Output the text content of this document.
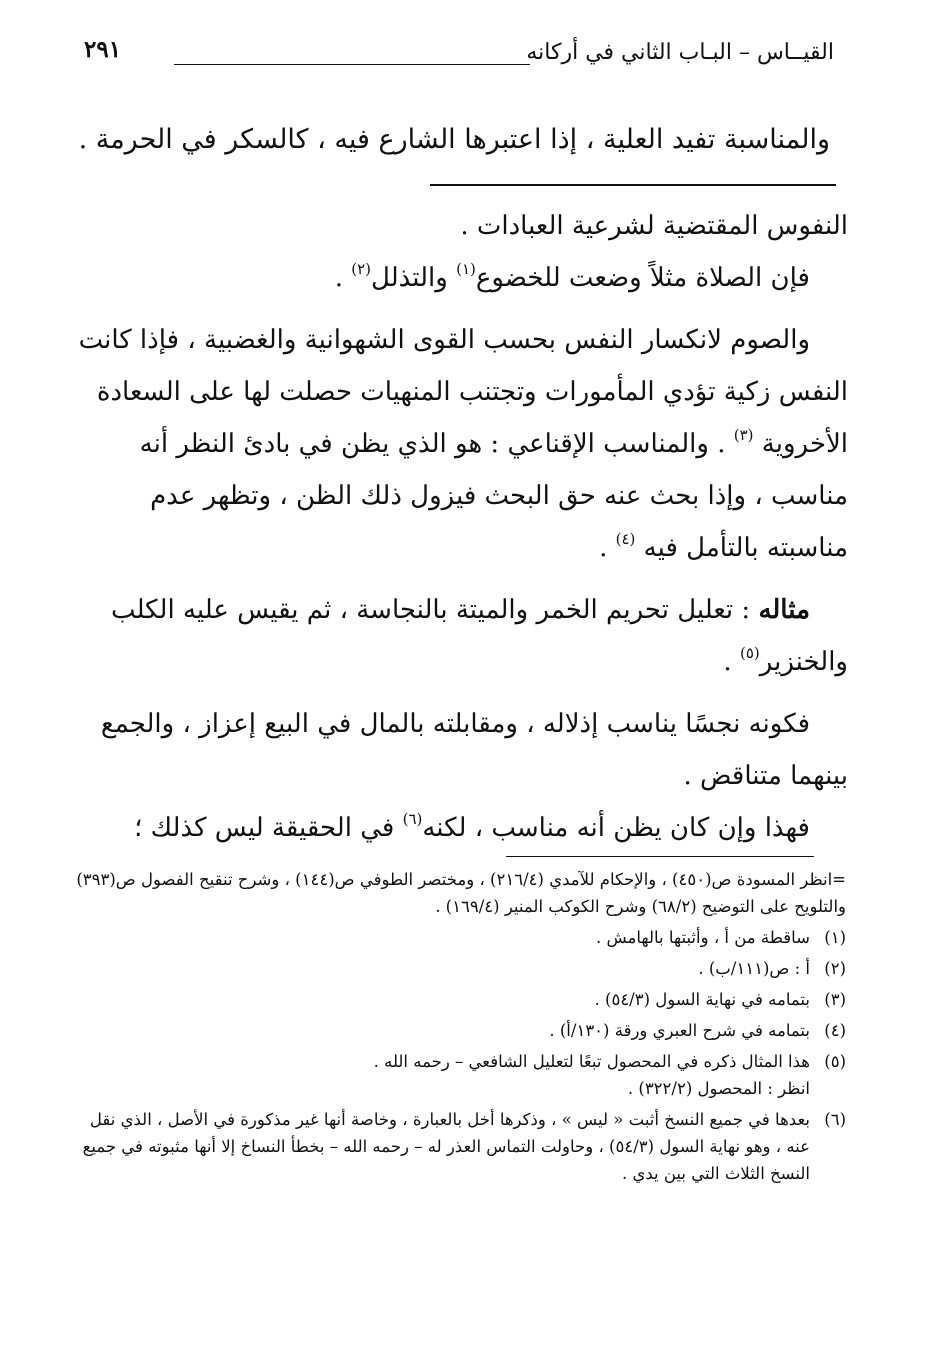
القيــاس – البـاب الثاني في أركانه
٢٩١
والمناسبة تفيد العلية ، إذا اعتبرها الشارع فيه ، كالسكر في الحرمة .

النفوس المقتضية لشرعية العبادات .

فإن الصلاة مثلاً وضعت للخضوع$^{(١)}$ والتذلل$^{(٢)}$ .

والصوم لانكسار النفس بحسب القوى الشهوانية والغضبية ، فإذا كانت النفس زكية تؤدي المأمورات وتجتنب المنهيات حصلت لها على السعادة الأخروية $^{(٣)}$ . والمناسب الإقناعي : هو الذي يظن في بادئ النظر أنه مناسب ، وإذا بحث عنه حق البحث فيزول ذلك الظن ، وتظهر عدم مناسبته بالتأمل فيه $^{(٤)}$ .

مثاله : تعليل تحريم الخمر والميتة بالنجاسة ، ثم يقيس عليه الكلب والخنزير$^{(٥)}$ .

فكونه نجسًا يناسب إذلاله ، ومقابلته بالمال في البيع إعزاز ، والجمع بينهما متناقض .

فهذا وإن كان يظن أنه مناسب ، لكنه$^{(٦)}$ في الحقيقة ليس كذلك ؛

=انظر المسودة ص(٤٥٠) ، والإحكام للآمدي (٢١٦/٤) ، ومختصر الطوفي ص(١٤٤) ، وشرح تنقيح الفصول ص(٣٩٣) والتلويح على التوضيح (٦٨/٢) وشرح الكوكب المنير (١٦٩/٤) .

(١)
ساقطة من أ ، وأثبتها بالهامش .
(٢)
أ : ص(١١١/ب) .
(٣)
بتمامه في نهاية السول (٥٤/٣) .
(٤)
بتمامه في شرح العبري ورقة (١٣٠/أ) .
(٥)
هذا المثال ذكره في المحصول تبعًا لتعليل الشافعي – رحمه الله .
انظر : المحصول (٣٢٢/٢) .
(٦)
بعدها في جميع النسخ أثبت « ليس » ، وذكرها أخل بالعبارة ، وخاصة أنها غير مذكورة في الأصل ، الذي نقل عنه ، وهو نهاية السول (٥٤/٣) ، وحاولت التماس العذر له – رحمه الله – بخطأ النساخ إلا أنها مثبوته في جميع النسخ الثلاث التي بين يدي .
